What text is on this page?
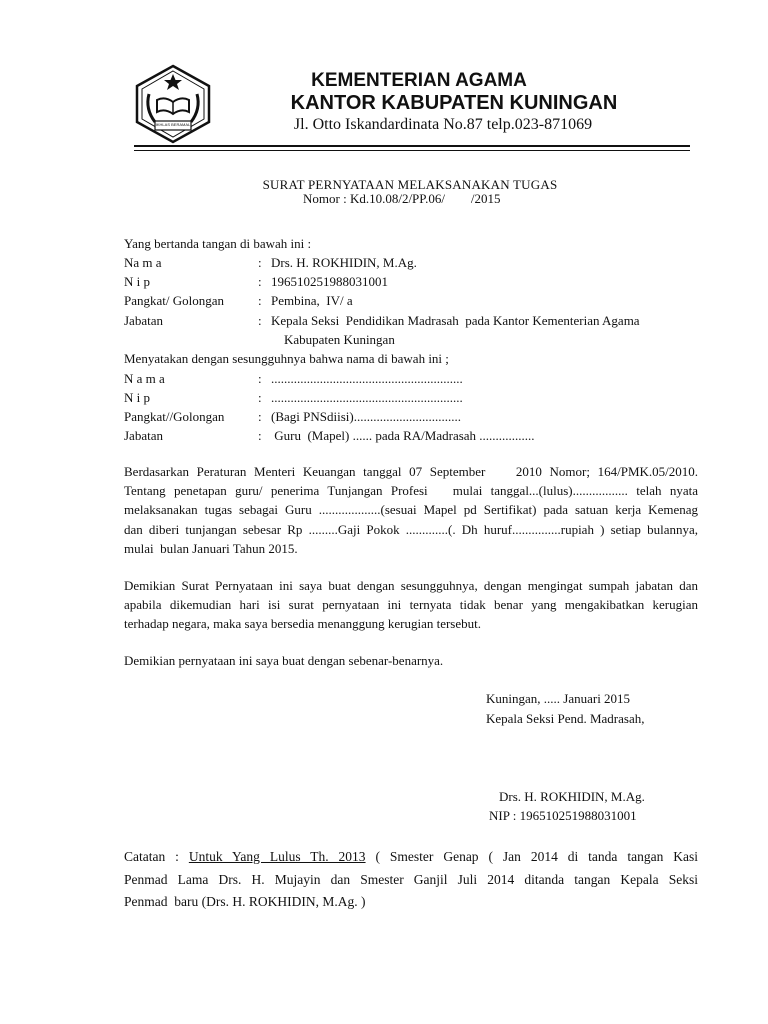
IKHLAS BERAMAL
KEMENTERIAN AGAMA
KANTOR KABUPATEN KUNINGAN
Jl. Otto Iskandardinata No.87 telp.023-871069
SURAT PERNYATAAN MELAKSANAKAN TUGAS
Nomor : Kd.10.08/2/PP.06/        /2015
Yang bertanda tangan di bawah ini :
Na m a	: Drs. H. ROKHIDIN, M.Ag.
N i p	: 196510251988031001
Pangkat/ Golongan	: Pembina,  IV/ a
Jabatan	: Kepala Seksi  Pendidikan Madrasah  pada Kantor Kementerian Agama
Kabupaten Kuningan
Menyatakan dengan sesungguhnya bahwa nama di bawah ini ;
N a m a	: ...........................................................
N i p	: ...........................................................
Pangkat//Golongan	: (Bagi PNSdiisi).................................
Jabatan	: Guru  (Mapel) ...... pada RA/Madrasah .................
Berdasarkan Peraturan Menteri Keuangan tanggal 07 September    2010 Nomor; 164/PMK.05/2010.
Tentang penetapan guru/ penerima Tunjangan Profesi   mulai tanggal...(lulus)................. telah nyata
melaksanakan tugas sebagai Guru ...................(sesuai Mapel pd Sertifikat) pada satuan kerja Kemenag
dan diberi tunjangan sebesar Rp .........Gaji Pokok .............(. Dh huruf...............rupiah ) setiap bulannya,
mulai  bulan Januari Tahun 2015.
Demikian Surat Pernyataan ini saya buat dengan sesungguhnya, dengan mengingat sumpah jabatan dan
apabila dikemudian hari isi surat pernyataan ini ternyata tidak benar yang mengakibatkan kerugian
terhadap negara, maka saya bersedia menanggung kerugian tersebut.
Demikian pernyataan ini saya buat dengan sebenar-benarnya.
Kuningan, ..... Januari 2015
Kepala Seksi Pend. Madrasah,
Drs. H. ROKHIDIN, M.Ag.
NIP : 196510251988031001
Catatan : Untuk Yang Lulus Th. 2013 ( Smester Genap ( Jan 2014 di tanda tangan Kasi
Penmad Lama Drs. H. Mujayin dan Smester Ganjil Juli 2014 ditanda tangan Kepala Seksi
Penmad  baru (Drs. H. ROKHIDIN, M.Ag. )
